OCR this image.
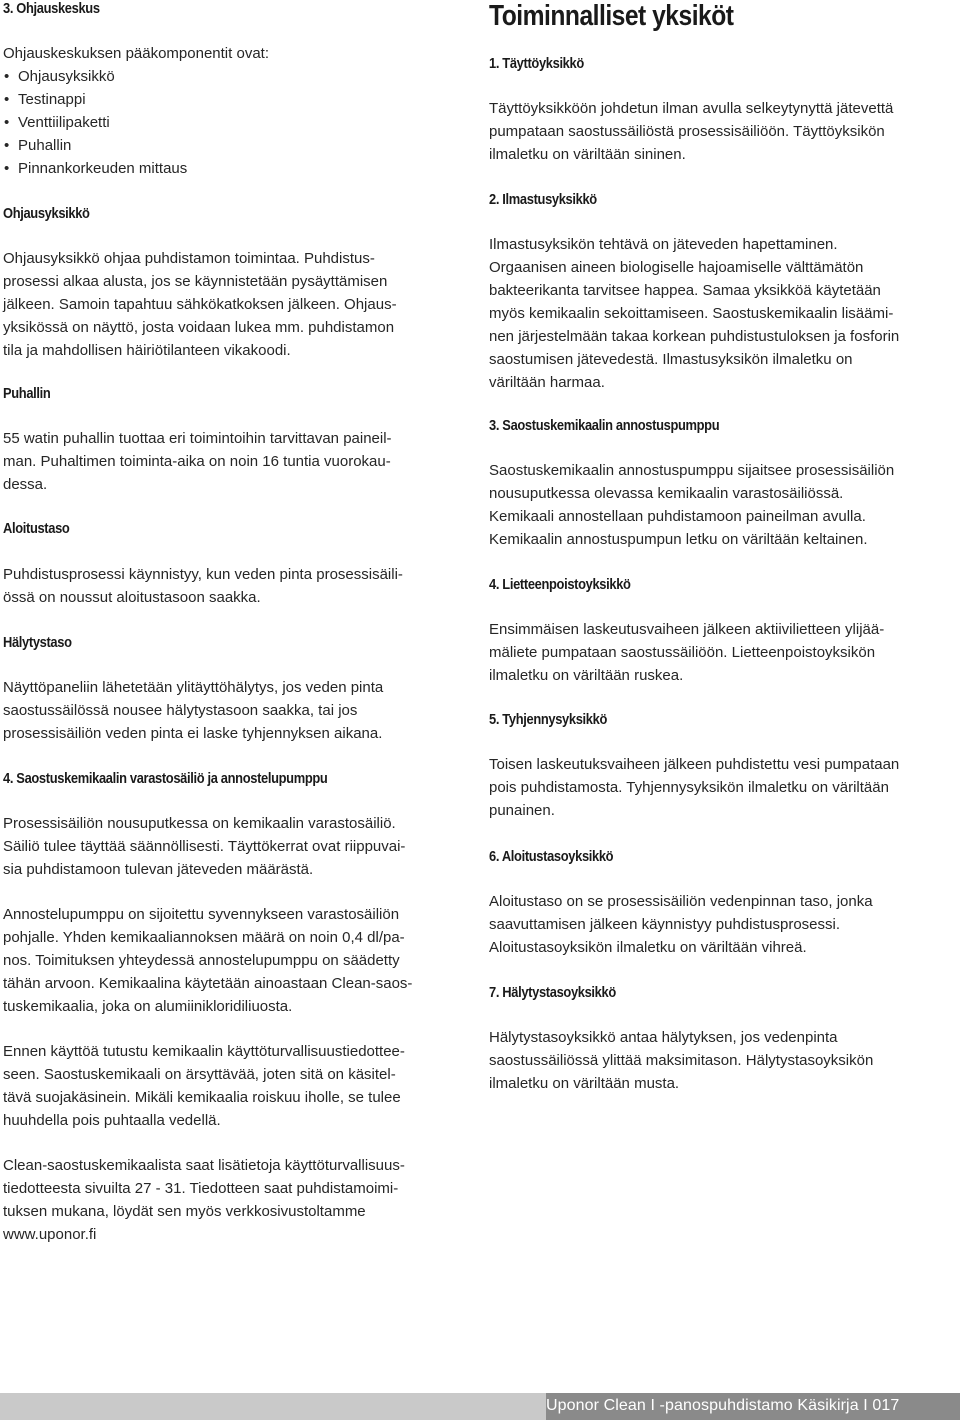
3. Ohjauskeskus

Ohjauskeskuksen pääkomponentit ovat:

• Ohjausyksikkö
• Testinappi
• Venttiilipaketti
• Puhallin
• Pinnankorkeuden mittaus
Ohjausyksikkö

Ohjausyksikkö ohjaa puhdistamon toimintaa. Puhdistus-
prosessi alkaa alusta, jos se käynnistetään pysäyttämisen
jälkeen. Samoin tapahtuu sähkökatkoksen jälkeen. Ohjaus-
yksikössä on näyttö, josta voidaan lukea mm. puhdistamon
tila ja mahdollisen häiriötilanteen vikakoodi.

Puhallin

55 watin puhallin tuottaa eri toimintoihin tarvittavan paineil-
man. Puhaltimen toiminta-aika on noin 16 tuntia vuorokau-
dessa.

Aloitustaso

Puhdistusprosessi käynnistyy, kun veden pinta prosessisäili-
össä on noussut aloitustasoon saakka.

Hälytystaso

Näyttöpaneliin lähetetään ylitäyttöhälytys, jos veden pinta
saostussäilössä nousee hälytystasoon saakka, tai jos
prosessisäiliön veden pinta ei laske tyhjennyksen aikana.

4. Saostuskemikaalin varastosäiliö ja annostelupumppu

Prosessisäiliön nousuputkessa on kemikaalin varastosäiliö.
Säiliö tulee täyttää säännöllisesti. Täyttökerrat ovat riippuvai-
sia puhdistamoon tulevan jäteveden määrästä.

Annostelupumppu on sijoitettu syvennykseen varastosäiliön
pohjalle. Yhden kemikaaliannoksen määrä on noin 0,4 dl/pa-
nos. Toimituksen yhteydessä annostelupumppu on säädetty
tähän arvoon. Kemikaalina käytetään ainoastaan Clean-saos-
tuskemikaalia, joka on alumiinikloridiliuosta.

Ennen käyttöä tutustu kemikaalin käyttöturvallisuustiedottee-
seen. Saostuskemikaali on ärsyttävää, joten sitä on käsitel-
tävä suojakäsinein. Mikäli kemikaalia roiskuu iholle, se tulee
huuhdella pois puhtaalla vedellä.

Clean-saostuskemikaalista saat lisätietoja käyttöturvallisuus-
tiedotteesta sivuilta 27 - 31. Tiedotteen saat puhdistamoimi-
tuksen mukana, löydät sen myös verkkosivustoltamme
www.uponor.fi

Toiminnalliset yksiköt
1. Täyttöyksikkö

Täyttöyksikköön johdetun ilman avulla selkeytynyttä jätevettä
pumpataan saostussäiliöstä prosessisäiliöön. Täyttöyksikön
ilmaletku on väriltään sininen.

2. Ilmastusyksikkö

Ilmastusyksikön tehtävä on jäteveden hapettaminen.
Orgaanisen aineen biologiselle hajoamiselle välttämätön
bakteerikanta tarvitsee happea. Samaa yksikköä käytetään
myös kemikaalin sekoittamiseen. Saostuskemikaalin lisäämi-
nen järjestelmään takaa korkean puhdistustuloksen ja fosforin
saostumisen jätevedestä. Ilmastusyksikön ilmaletku on
väriltään harmaa.

3. Saostuskemikaalin annostuspumppu

Saostuskemikaalin annostuspumppu sijaitsee prosessisäiliön
nousuputkessa olevassa kemikaalin varastosäiliössä.
Kemikaali annostellaan puhdistamoon paineilman avulla.
Kemikaalin annostuspumpun letku on väriltään keltainen.

4. Lietteenpoistoyksikkö

Ensimmäisen laskeutusvaiheen jälkeen aktiivilietteen ylijää-
mäliete pumpataan saostussäiliöön. Lietteenpoistoyksikön
ilmaletku on väriltään ruskea.

5. Tyhjennysyksikkö

Toisen laskeutuksvaiheen jälkeen puhdistettu vesi pumpataan
pois puhdistamosta. Tyhjennysyksikön ilmaletku on väriltään
punainen.

6. Aloitustasoyksikkö

Aloitustaso on se prosessisäiliön vedenpinnan taso, jonka
saavuttamisen jälkeen käynnistyy puhdistusprosessi.
Aloitustasoyksikön ilmaletku on väriltään vihreä.

7. Hälytystasoyksikkö

Hälytystasoyksikkö antaa hälytyksen, jos vedenpinta
saostussäiliössä ylittää maksimitason. Hälytystasoyksikön
ilmaletku on väriltään musta.

Uponor Clean I -panospuhdistamo Käsikirja I 017
